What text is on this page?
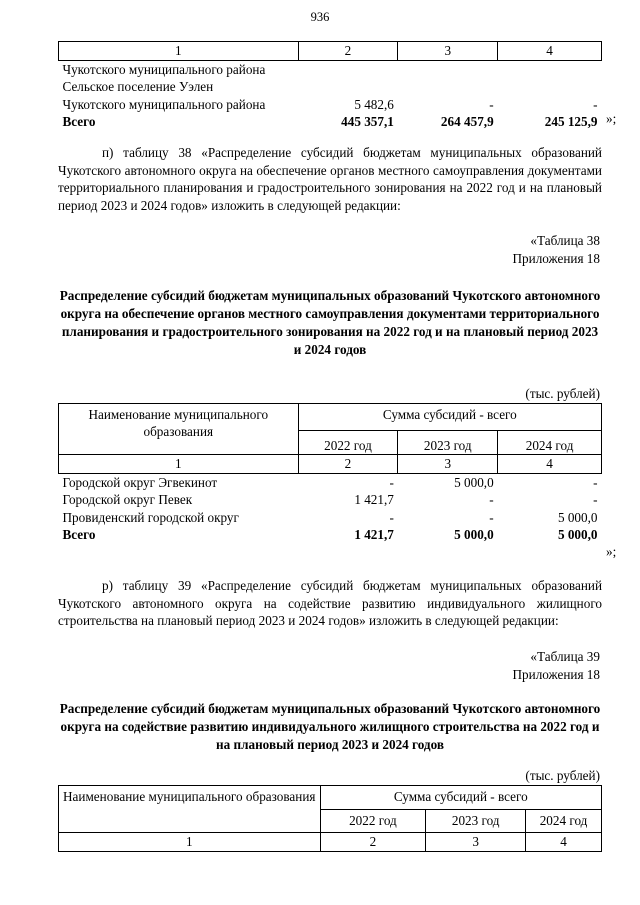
936
1	2	3	4
Чукотского муниципального района			
Сельское поселение Уэлен			
Чукотского муниципального района	5 482,6	-	-
Всего	445 357,1	264 457,9	245 125,9 »;
п) таблицу 38 «Распределение субсидий бюджетам муниципальных образований Чукотского автономного округа на обеспечение органов местного самоуправления документами территориального планирования и градостроительного зонирования на 2022 год и на плановый период 2023 и 2024 годов» изложить в следующей редакции:
«Таблица 38
Приложения 18
Распределение субсидий бюджетам муниципальных образований Чукотского автономного округа на обеспечение органов местного самоуправления документами территориального планирования и градостроительного зонирования на 2022 год и на плановый период 2023 и 2024 годов
(тыс. рублей)
Наименование муниципального образования	Сумма субсидий - всего		
	2022 год	2023 год	2024 год
1	2	3	4
Городской округ Эгвекинот	-	5 000,0	-
Городской округ Певек	1 421,7	-	-
Провиденский городской округ	-	-	5 000,0
Всего	1 421,7	5 000,0	5 000,0
»;
р) таблицу 39 «Распределение субсидий бюджетам муниципальных образований Чукотского автономного округа на содействие развитию индивидуального жилищного строительства на плановый период 2023 и 2024 годов» изложить в следующей редакции:
«Таблица 39
Приложения 18
Распределение субсидий бюджетам муниципальных образований Чукотского автономного округа на содействие развитию индивидуального жилищного строительства на 2022 год и на плановый период 2023 и 2024 годов
(тыс. рублей)
Наименование муниципального образования	Сумма субсидий - всего		
	2022 год	2023 год	2024 год
1	2	3	4
